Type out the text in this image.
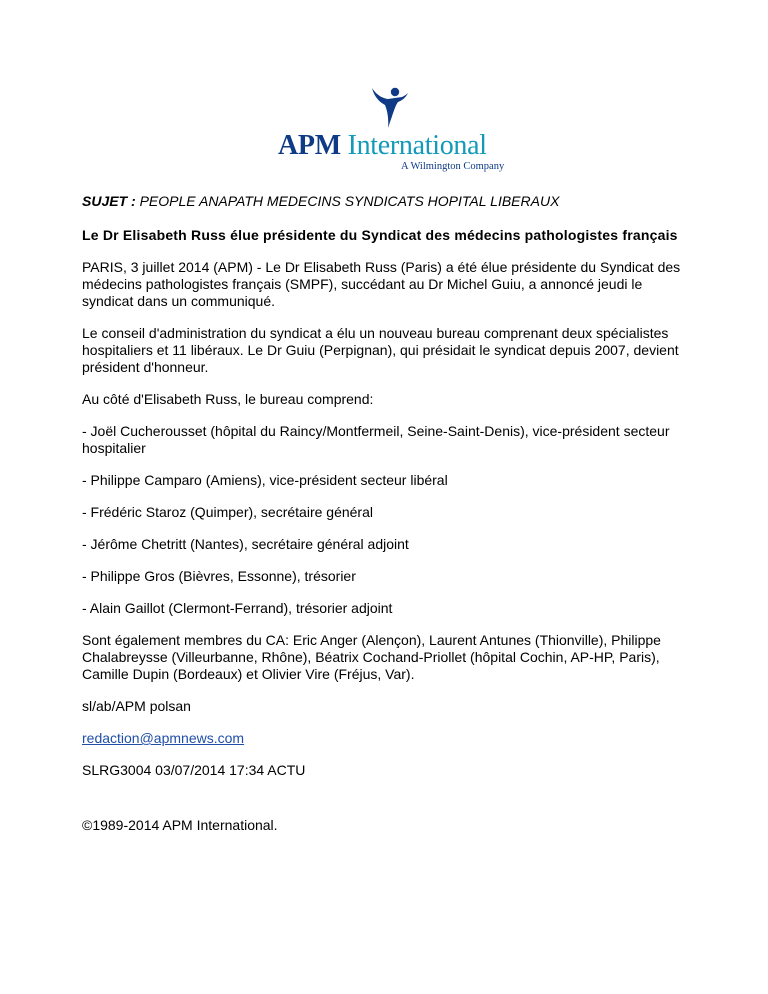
APM International
A Wilmington Company

SUJET : PEOPLE ANAPATH MEDECINS SYNDICATS HOPITAL LIBERAUX

Le Dr Elisabeth Russ élue présidente du Syndicat des médecins pathologistes français

PARIS, 3 juillet 2014 (APM) - Le Dr Elisabeth Russ (Paris) a été élue présidente du Syndicat des médecins pathologistes français (SMPF), succédant au Dr Michel Guiu, a annoncé jeudi le syndicat dans un communiqué.

Le conseil d'administration du syndicat a élu un nouveau bureau comprenant deux spécialistes hospitaliers et 11 libéraux. Le Dr Guiu (Perpignan), qui présidait le syndicat depuis 2007, devient président d'honneur.

Au côté d'Elisabeth Russ, le bureau comprend:

- Joël Cucherousset (hôpital du Raincy/Montfermeil, Seine-Saint-Denis), vice-président secteur hospitalier

- Philippe Camparo (Amiens), vice-président secteur libéral

- Frédéric Staroz (Quimper), secrétaire général

- Jérôme Chetritt (Nantes), secrétaire général adjoint

- Philippe Gros (Bièvres, Essonne), trésorier

- Alain Gaillot (Clermont-Ferrand), trésorier adjoint

Sont également membres du CA: Eric Anger (Alençon), Laurent Antunes (Thionville), Philippe Chalabreysse (Villeurbanne, Rhône), Béatrix Cochand-Priollet (hôpital Cochin, AP-HP, Paris), Camille Dupin (Bordeaux) et Olivier Vire (Fréjus, Var).

sl/ab/APM polsan

redaction@apmnews.com

SLRG3004 03/07/2014 17:34 ACTU

©1989-2014 APM International.
